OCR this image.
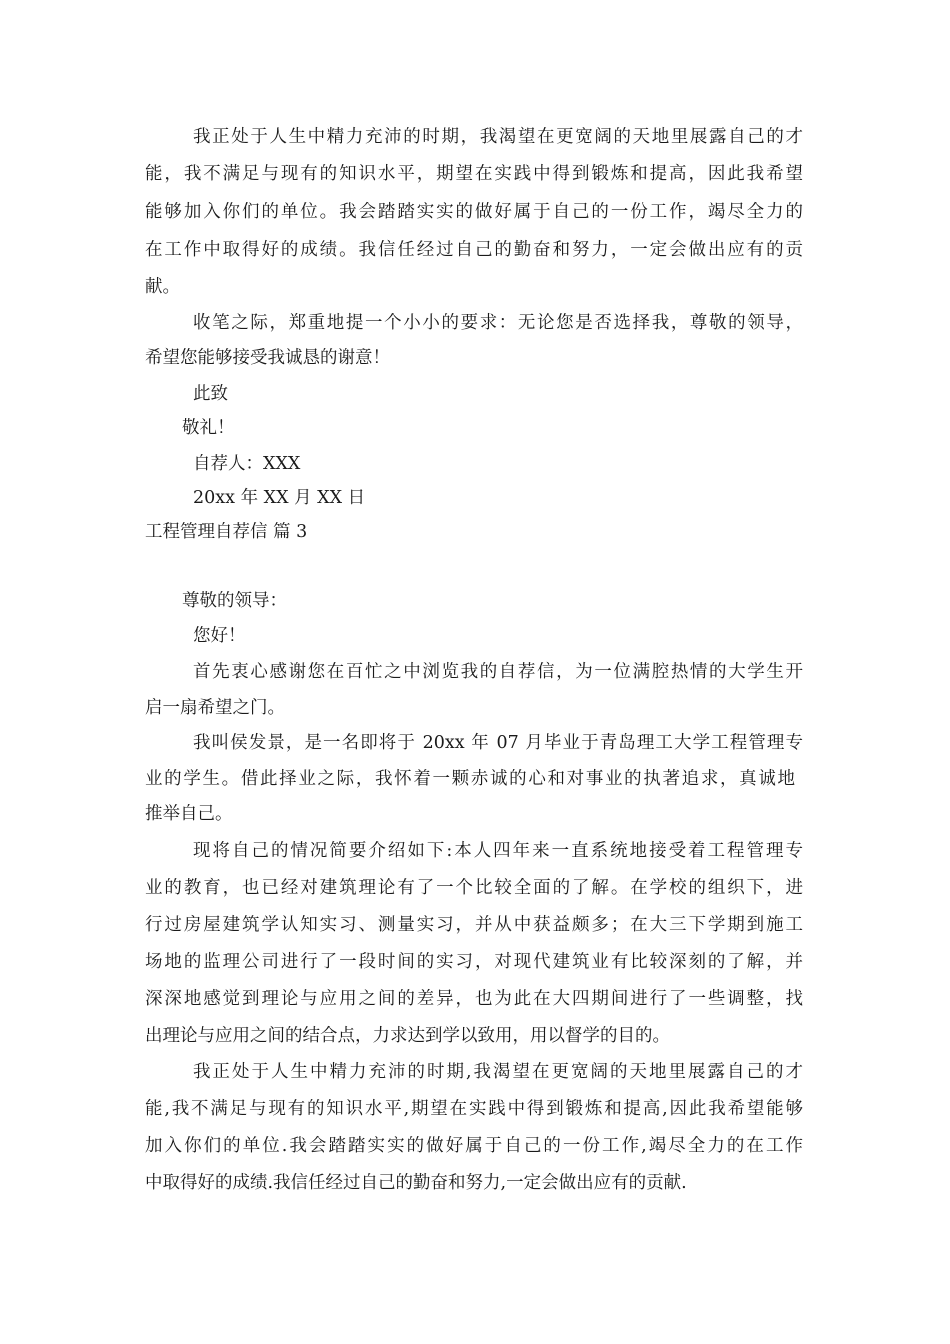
我正处于人生中精力充沛的时期，我渴望在更宽阔的天地里展露自己的才
能，我不满足与现有的知识水平，期望在实践中得到锻炼和提高，因此我希望
能够加入你们的单位。我会踏踏实实的做好属于自己的一份工作，竭尽全力的
在工作中取得好的成绩。我信任经过自己的勤奋和努力，一定会做出应有的贡
献。
收笔之际，郑重地提一个小小的要求：无论您是否选择我，尊敬的领导，
希望您能够接受我诚恳的谢意！
此致
敬礼！
自荐人：XXX
20xx 年 XX 月 XX 日
工程管理自荐信 篇 3
尊敬的领导：
您好！
首先衷心感谢您在百忙之中浏览我的自荐信，为一位满腔热情的大学生开
启一扇希望之门。
我叫侯发景，是一名即将于 20xx 年 07 月毕业于青岛理工大学工程管理专
业的学生。借此择业之际，我怀着一颗赤诚的心和对事业的执著追求，真诚地
推举自己。
现将自己的情况简要介绍如下:本人四年来一直系统地接受着工程管理专
业的教育，也已经对建筑理论有了一个比较全面的了解。在学校的组织下，进
行过房屋建筑学认知实习、测量实习，并从中获益颇多；在大三下学期到施工
场地的监理公司进行了一段时间的实习，对现代建筑业有比较深刻的了解，并
深深地感觉到理论与应用之间的差异，也为此在大四期间进行了一些调整，找
出理论与应用之间的结合点，力求达到学以致用，用以督学的目的。
我正处于人生中精力充沛的时期,我渴望在更宽阔的天地里展露自己的才
能,我不满足与现有的知识水平,期望在实践中得到锻炼和提高,因此我希望能够
加入你们的单位.我会踏踏实实的做好属于自己的一份工作,竭尽全力的在工作
中取得好的成绩.我信任经过自己的勤奋和努力,一定会做出应有的贡献.
